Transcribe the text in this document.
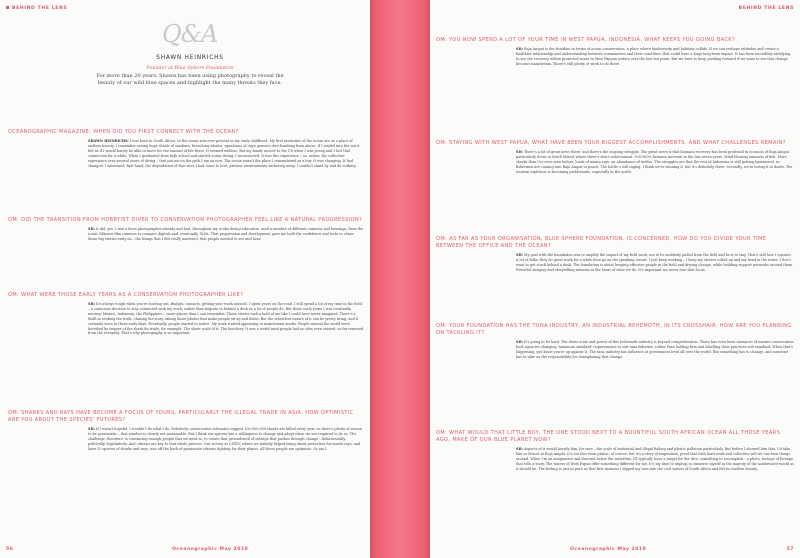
BEHIND THE LENS
Q&A
SHAWN HEINRICHS
Founder at Blue Sphere Foundation
For more than 20 years, Shawn has been using photography to reveal the beauty of our wild blue spaces and highlight the many threats they face.
OCEANOGRAPHIC MAGAZINE: WHEN DID YOU FIRST CONNECT WITH THE OCEAN?
SHAWN HEINRICHS: I was born in South Africa, so the ocean was ever-present in my early childhood. My first memories of the ocean are as a place of endless bounty. I remember seeing huge shoals of sardines, breaching whales, squadrons of cape gannets dive-bombing from above. If I waded into the sea it felt as if I would barely be able to move for the amount of life there. It seemed endless. But my family moved to the US when I was young and I lost that connection for a while. When I graduated from high school and started scuba diving, I reconnected. It was this experience – so, rather, the collective experience over several years of diving – that put me on the path I am on now. The ocean wasn't the place I remembered as a boy. It was changing. It had changed. I witnessed, first-hand, the degradation of dive sites I had come to love, pristine environments withering away. I couldn't stand by and do nothing.
OM: DID THE TRANSITION FROM HOBBYIST DIVER TO CONSERVATION PHOTOGRAPHER FEEL LIKE A NATURAL PROGRESSION?
SH: It did, yes. I was a keen photographer already and had, throughout my scuba diving education, used a number of different cameras and housings, from the iconic Nikonos film cameras to compact digitals and, eventually, SLRs. That progression and development gave me both the confidence and tools to chase those big stories early on – the things that I felt really mattered, that people needed to see and hear.
OM: WHAT WERE THOSE EARLY YEARS AS A CONSERVATION PHOTOGRAPHER LIKE?
SH: It's always tough when you're starting out. Budget, contacts, getting your work noticed. I spent years on the road. I still spend a lot of my time in the field – a conscious decision to stay connected with my work, rather than migrate to behind a desk as a lot of people do. But those early years I was constantly moving: Mexico, Indonesia, the Philippines… more places than I can remember. Those stories took a hold of me like I could have never imagined. There's a thrill in seeking the truth, chasing the story, taking those photos that make people sit up and listen. But the relentless nature of it can be pretty tiring, and it certainly wore in those early days. Eventually, people started to notice. My work started appearing in mainstream media. People around the world were horrified by images of the shark fin trade, for example. The sheer scale of it. The butchery. It was a world most people had no idea even existed, so far removed from the everyday. That's why photography is so important.
OM: SHARKS AND RAYS HAVE BECOME A FOCUS OF YOURS, PARTICULARLY THE ILLEGAL TRADE IN ASIA. HOW OPTIMISTIC ARE YOU ABOUT THE SPECIES' FUTURES?
SH: If I wasn't hopeful, I wouldn't do what I do. Relatively conservative estimates suggest 100,000,000 sharks are killed every year, so there's plenty of reason to be pessimistic – that number is clearly not sustainable. But I think our species has a willingness to change and adapt when we are required to do so. The challenge, therefore, is convincing enough people that we need to, to create that groundswell of outrage that pushes through change – behaviourally, politically, legislatively. And citizens are key to that whole process. Our victory at CITES, where we initially helped bring about protection for manta rays, and later 20 species of sharks and rays, was off the back of passionate citizens fighting for their planet. All those people are optimists. So am I.
56	Oceanographic May 2018
BEHIND THE LENS
OM: YOU NOW SPEND A LOT OF YOUR TIME IN WEST PAPUA, INDONESIA. WHAT KEEPS YOU GOING BACK?
SH: Raja Ampat is the frontline in terms of ocean conservation, a place where biodiversity and habitats collide. If we can reshape attitudes and create a healthier relationship and understanding between communities and their coastlines, that could have a huge long-term impact. It has been incredibly satisfying to see the recovery within protected zones in West Papuan waters over the last ten years. But we have to keep pushing forward if we want to see that change become mainstream. There's still plenty of work to do there.
OM: STAYING WITH WEST PAPUA, WHAT HAVE BEEN YOUR BIGGEST ACCOMPLISHMENTS, AND WHAT CHALLENGES REMAIN?
SH: There's a lot of great news there, and there's the ongoing struggle. The great news is that biomass recovery has been profound in so much of Raja Ampat, particularly down in South Misool where there's strict enforcement. 300-500% biomass increase in the last seven years. Mind-blowing amounts of fish. More sharks than I've ever seen before, loads of manta rays, an abundance of turtles. The struggles are that the rest of Indonesia is still getting hammered, so fishermen are coming into Raja Ampat to poach. The battle's still raging. I think we're winning it, but it's definitely there. Secondly, we're loving it to death. The tourism explosion is becoming problematic, especially in the north.
OM: AS FAR AS YOUR ORGANISATION, BLUE SPHERE FOUNDATION, IS CONCERNED, HOW DO YOU DIVIDE YOUR TIME BETWEEN THE OFFICE AND THE OCEAN?
SH: My goal with the foundation was to amplify the impact of my field work, not to be suddenly pulled from the field and be it to stay. That's still how I operate. A lot of folks, they do great work for a while then go on the speaking circuit. I just keep working – I keep my sleeves rolled up and my head in the water. I don't want to get stuck behind a desk. The foundation is about keeping effective people in the field and driving change, while building support networks around them. Powerful imagery and storytelling remains at the heart of what we do. It's important we never lose that focus.
OM: YOUR FOUNDATION HAS THE TUNA INDUSTRY, AN INDUSTRIAL BEHEMOTH, IN ITS CROSSHAIR. HOW ARE YOU PLANNING ON TACKLING IT?
SH: It's going to be hard. The sheer scale and power of this behemoth industry is beyond comprehension. There has even been instances of marine conservation food agencies changing 'minimum standard' requirements to suit tuna fisheries, rather than holding firm and labelling their practices sub-standard. When that's happening, you know you're up against it. The tuna industry has influence at government level all over the world. But something has to change, and someone has to take on the responsibility for championing that change.
OM: WHAT WOULD THAT LITTLE BOY, THE ONE STOOD NEXT TO A BOUNTIFUL SOUTH AFRICAN OCEAN ALL THOSE YEARS AGO, MAKE OF OUR BLUE PLANET NOW?
SH: Aspects of it would horrify him, for sure – the scale of industrial and illegal fishing and plastic pollution particularly. But before I showed him that, I'd take him to Misool in Raja Ampat. It's not free from plastic, of course, but it's a story of inspiration, proof that with hard work and collective will we can turn things around. When I'm on assignment and descend below the waterline, I'll typically have a target for the dive, something to accomplish – a photo, footage of footage that tells a story. The waters of West Papua offer something different for me. It's my time to unplug, to immerse myself in the majesty of the underwater world as it should be. The feeling is just as pure as that first moment I dipped my toes into the cool waters of South Africa and felt its endless bounty.
Oceanographic May 2018	57
